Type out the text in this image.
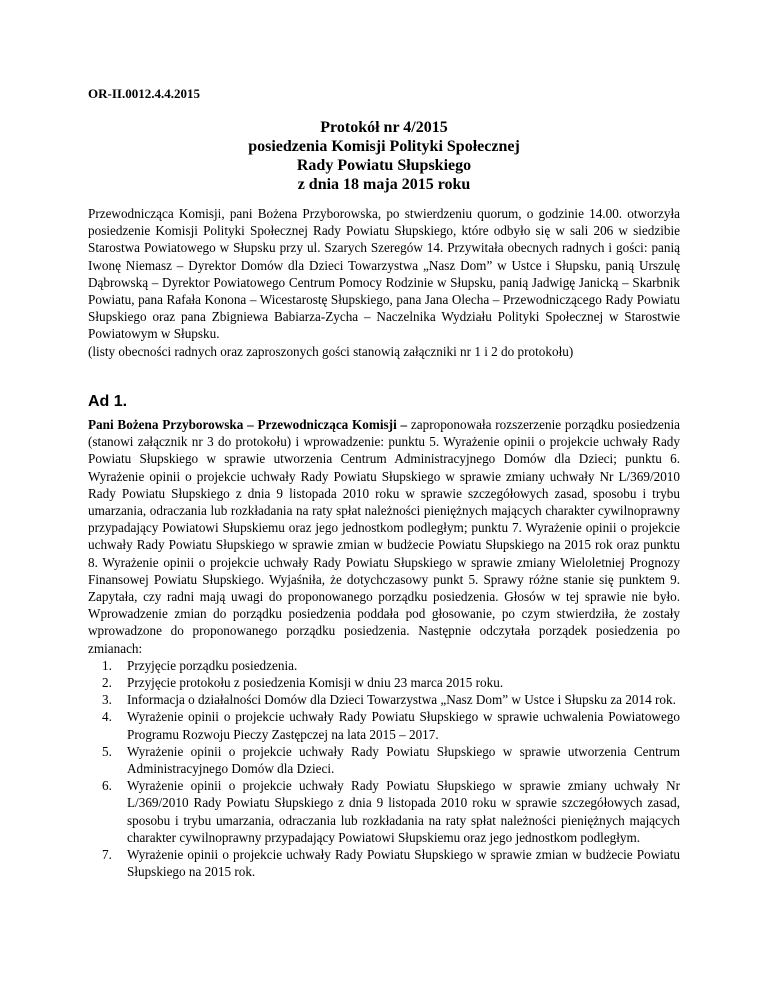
OR-II.0012.4.4.2015
Protokół nr 4/2015
posiedzenia Komisji Polityki Społecznej
Rady Powiatu Słupskiego
z dnia 18 maja 2015 roku
Przewodnicząca Komisji, pani Bożena Przyborowska, po stwierdzeniu quorum, o godzinie 14.00. otworzyła posiedzenie Komisji Polityki Społecznej Rady Powiatu Słupskiego, które odbyło się w sali 206 w siedzibie Starostwa Powiatowego w Słupsku przy ul. Szarych Szeregów 14. Przywitała obecnych radnych i gości: panią Iwonę Niemasz – Dyrektor Domów dla Dzieci Towarzystwa „Nasz Dom” w Ustce i Słupsku, panią Urszulę Dąbrowską – Dyrektor Powiatowego Centrum Pomocy Rodzinie w Słupsku, panią Jadwigę Janicką – Skarbnik Powiatu, pana Rafała Konona – Wicestarostę Słupskiego, pana Jana Olecha – Przewodniczącego Rady Powiatu Słupskiego oraz pana Zbigniewa Babiarza-Zycha – Naczelnika Wydziału Polityki Społecznej w Starostwie Powiatowym w Słupsku.
(listy obecności radnych oraz zaproszonych gości stanowią załączniki nr 1 i 2 do protokołu)
Ad 1.
Pani Bożena Przyborowska – Przewodnicząca Komisji – zaproponowała rozszerzenie porządku posiedzenia (stanowi załącznik nr 3 do protokołu) i wprowadzenie: punktu 5. Wyrażenie opinii o projekcie uchwały Rady Powiatu Słupskiego w sprawie utworzenia Centrum Administracyjnego Domów dla Dzieci; punktu 6. Wyrażenie opinii o projekcie uchwały Rady Powiatu Słupskiego w sprawie zmiany uchwały Nr L/369/2010 Rady Powiatu Słupskiego z dnia 9 listopada 2010 roku w sprawie szczegółowych zasad, sposobu i trybu umarzania, odraczania lub rozkładania na raty spłat należności pieniężnych mających charakter cywilnoprawny przypadający Powiatowi Słupskiemu oraz jego jednostkom podległym; punktu 7. Wyrażenie opinii o projekcie uchwały Rady Powiatu Słupskiego w sprawie zmian w budżecie Powiatu Słupskiego na 2015 rok oraz punktu 8. Wyrażenie opinii o projekcie uchwały Rady Powiatu Słupskiego w sprawie zmiany Wieloletniej Prognozy Finansowej Powiatu Słupskiego. Wyjaśniła, że dotychczasowy punkt 5. Sprawy różne stanie się punktem 9. Zapytała, czy radni mają uwagi do proponowanego porządku posiedzenia. Głosów w tej sprawie nie było. Wprowadzenie zmian do porządku posiedzenia poddała pod głosowanie, po czym stwierdziła, że zostały wprowadzone do proponowanego porządku posiedzenia. Następnie odczytała porządek posiedzenia po zmianach:
1. Przyjęcie porządku posiedzenia.
2. Przyjęcie protokołu z posiedzenia Komisji w dniu 23 marca 2015 roku.
3. Informacja o działalności Domów dla Dzieci Towarzystwa „Nasz Dom” w Ustce i Słupsku za 2014 rok.
4. Wyrażenie opinii o projekcie uchwały Rady Powiatu Słupskiego w sprawie uchwalenia Powiatowego Programu Rozwoju Pieczy Zastępczej na lata 2015 – 2017.
5. Wyrażenie opinii o projekcie uchwały Rady Powiatu Słupskiego w sprawie utworzenia Centrum Administracyjnego Domów dla Dzieci.
6. Wyrażenie opinii o projekcie uchwały Rady Powiatu Słupskiego w sprawie zmiany uchwały Nr L/369/2010 Rady Powiatu Słupskiego z dnia 9 listopada 2010 roku w sprawie szczegółowych zasad, sposobu i trybu umarzania, odraczania lub rozkładania na raty spłat należności pieniężnych mających charakter cywilnoprawny przypadający Powiatowi Słupskiemu oraz jego jednostkom podległym.
7. Wyrażenie opinii o projekcie uchwały Rady Powiatu Słupskiego w sprawie zmian w budżecie Powiatu Słupskiego na 2015 rok.
